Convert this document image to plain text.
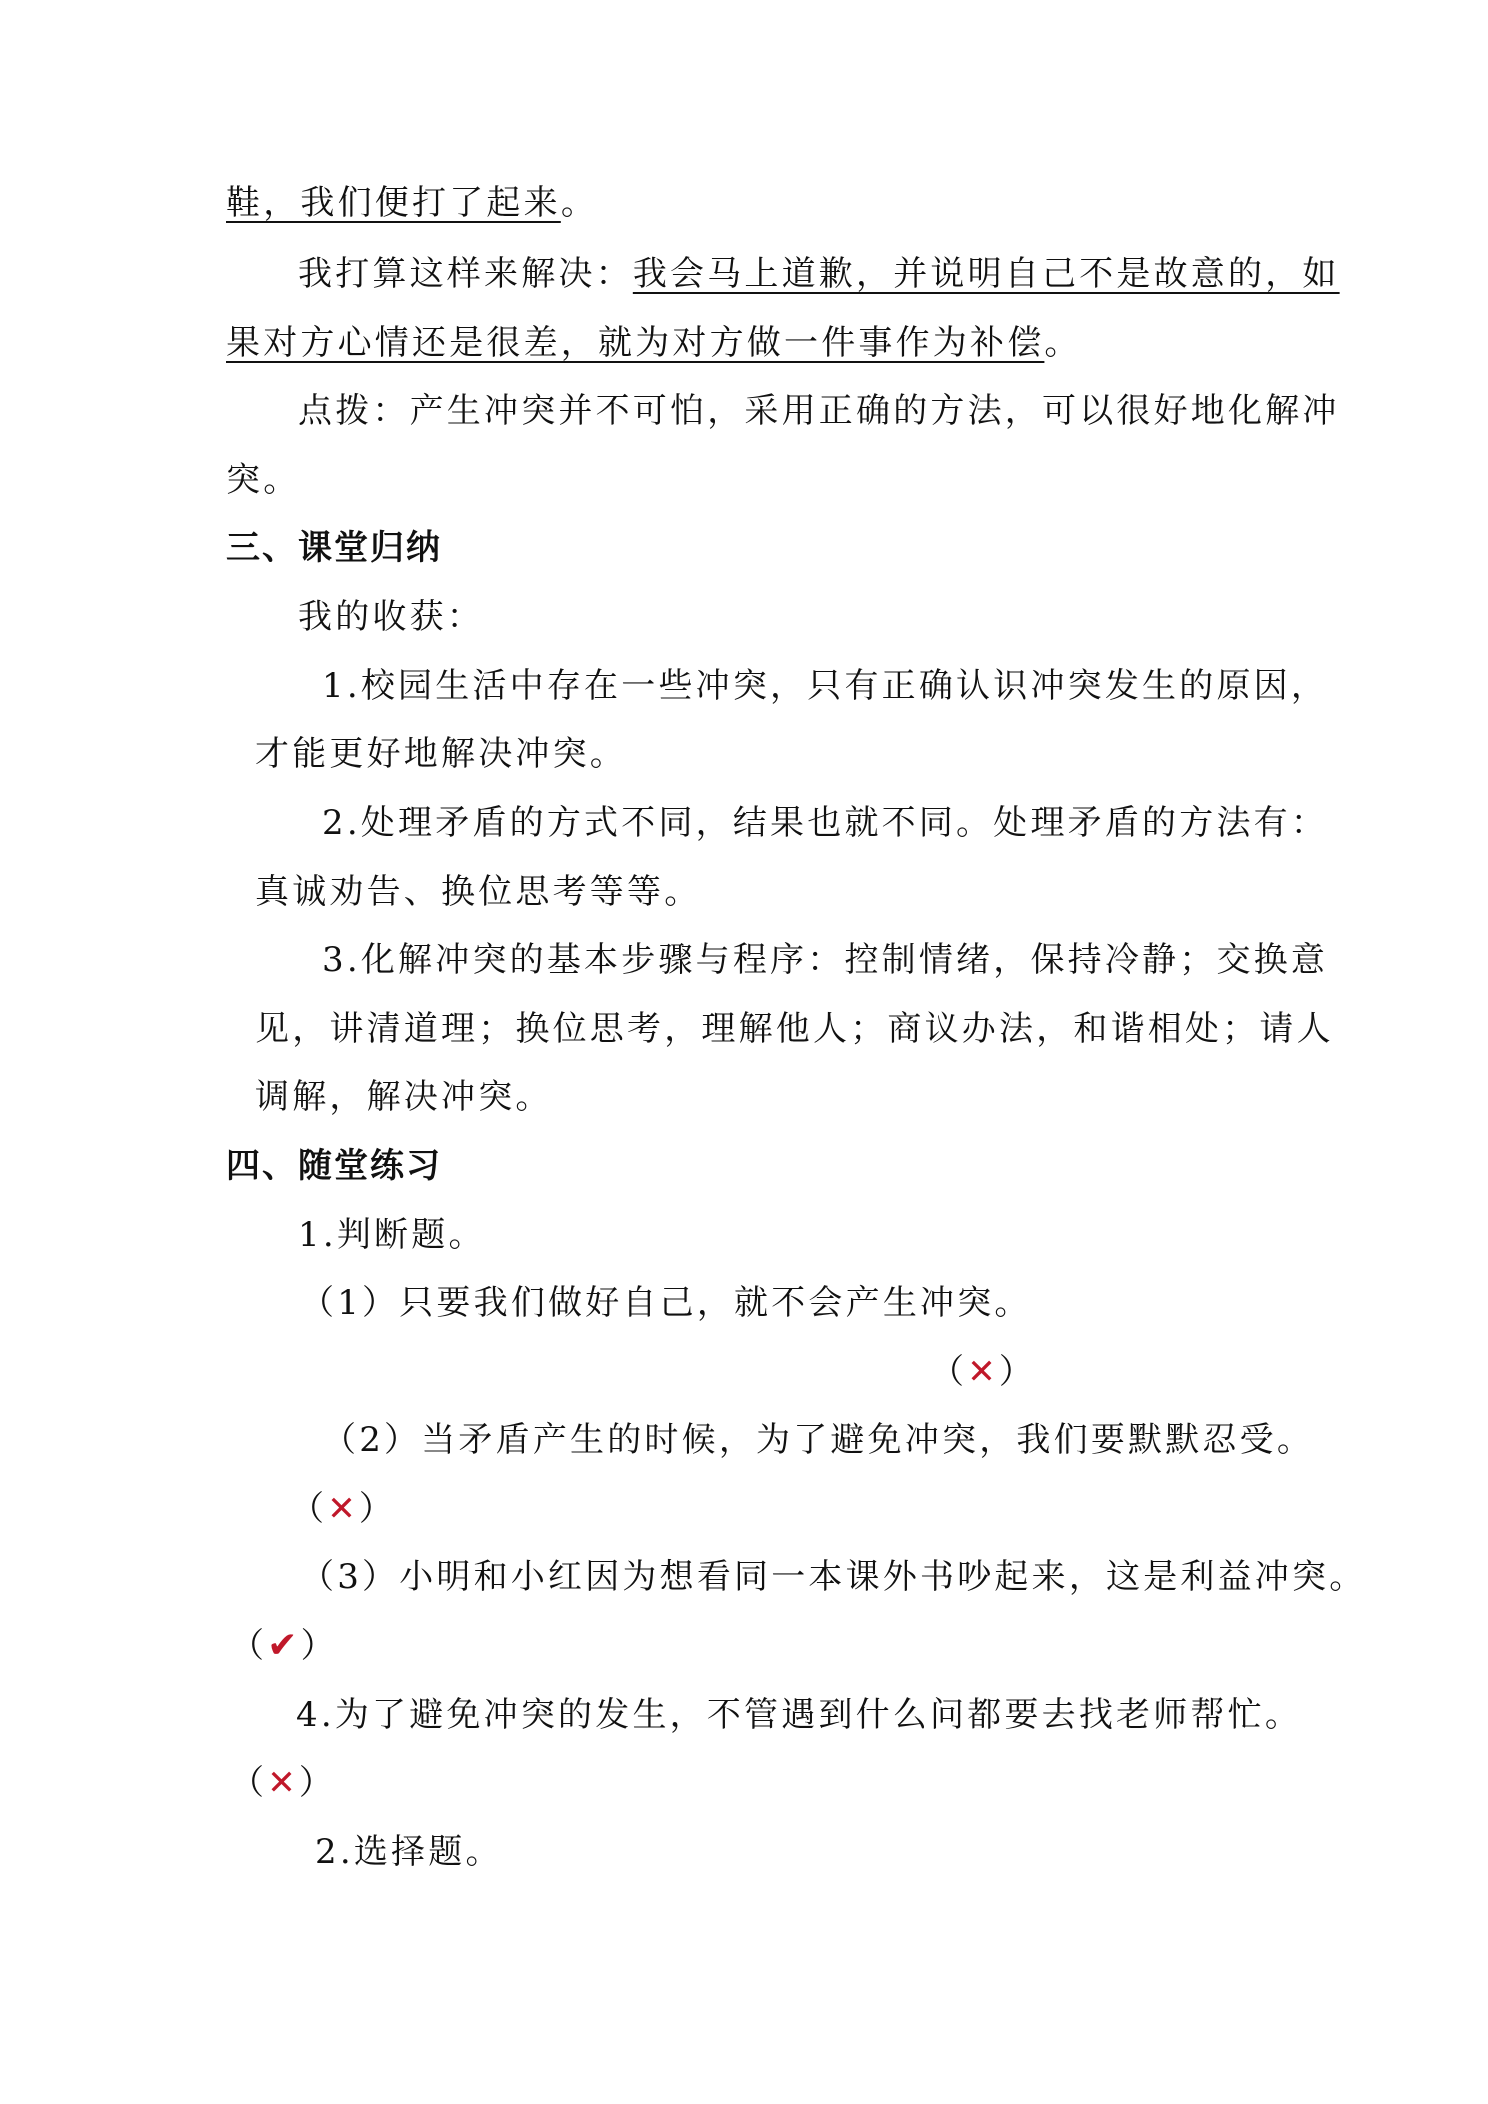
鞋，我们便打了起来。

我打算这样来解决：我会马上道歉，并说明自己不是故意的，如

果对方心情还是很差，就为对方做一件事作为补偿。

点拨：产生冲突并不可怕，采用正确的方法，可以很好地化解冲

突。

三、课堂归纳

我的收获：

1.校园生活中存在一些冲突，只有正确认识冲突发生的原因，

才能更好地解决冲突。

2.处理矛盾的方式不同，结果也就不同。处理矛盾的方法有：

真诚劝告、换位思考等等。

3.化解冲突的基本步骤与程序：控制情绪，保持冷静；交换意

见，讲清道理；换位思考，理解他人；商议办法，和谐相处；请人

调解，解决冲突。

四、随堂练习

1.判断题。

（1）只要我们做好自己，就不会产生冲突。

（✕）

（2）当矛盾产生的时候，为了避免冲突，我们要默默忍受。

（✕）

（3）小明和小红因为想看同一本课外书吵起来，这是利益冲突。

（✔）

4.为了避免冲突的发生，不管遇到什么问都要去找老师帮忙。

（✕）

2.选择题。
